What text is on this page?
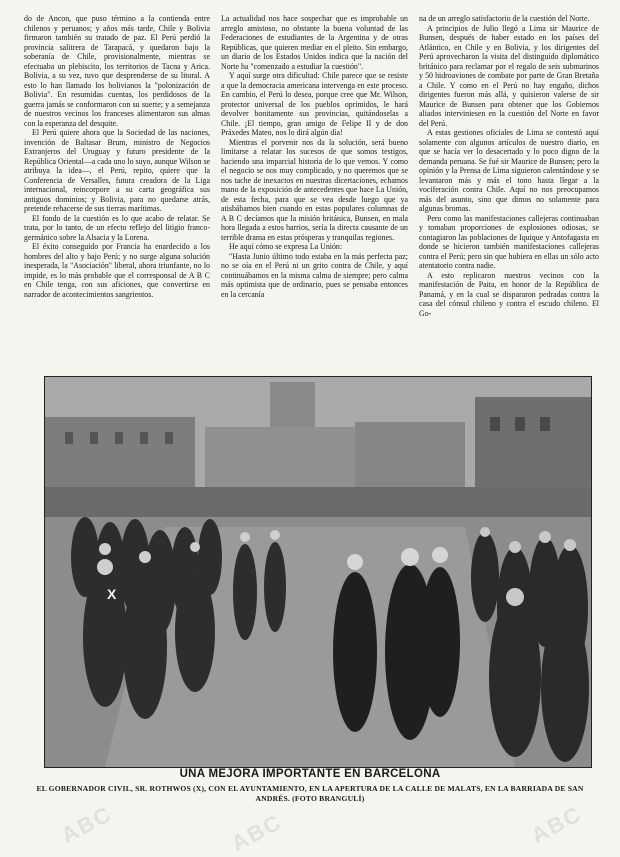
do de Ancon, que puso término a la contienda entre chilenos y peruanos; y años más tarde, Chile y Bolivia firmaron también su tratado de paz. El Perú perdió la provincia salitrera de Tarapacá, y quedaron bajo la soberanía de Chile, provisionalmente, mientras se efectuaba un plebiscito, los territorios de Tacna y Arica. Bolivia, a su vez, tuvo que desprenderse de su litoral. A esto lo han llamado los bolivianos la "polonización de Bolivia". En resumidas cuentas, los perdidosos de la guerra jamás se conformaron con su suerte; y a semejanza de nuestros vecinos los franceses alimentaron sus almas con la esperanza del desquite.

El Perú quiere ahora que la Sociedad de las naciones, invención de Baltasar Brum, ministro de Negocios Extranjeros del Uruguay y futuro presidente de la República Oriental—a cada uno lo suyo, aunque Wilson se atribuya la idea—, el Perú, repito, quiere que la Conferencia de Versalles, futura creadora de la Liga internacional, reincorpore a su carta geográfica sus antiguos dominios; y Bolivia, para no quedarse atrás, pretende rehacerse de sus tierras marítimas.

El fondo de la cuestión es lo que acabo de relatar. Se trata, por lo tanto, de un efecto reflejo del litigio franco-germánico sobre la Alsacia y la Lorena.

El éxito conseguido por Francia ha enardecido a los hombres del alto y bajo Perú; y no surge alguna solución inesperada, la "Asociación" liberal, ahora triunfante, no lo impide, es lo más probable que el corresponsal de A B C en Chile tenga, con sus aficiones, que convertirse en narrador de acontecimientos sangrientos.

La actualidad nos hace sospechar que es improbable un arreglo amistoso, no obstante la buena voluntad de las Federaciones de estudiantes de la Argentina y de otras Repúblicas, que quieren mediar en el pleito. Sin embargo, un diario de los Estados Unidos indica que la nación del Norte ha "comenzado a estudiar la cuestión".

Y aquí surge otra dificultad: Chile parece que se resiste a que la democracia americana intervenga en este proceso. En cambio, el Perú lo desea, porque cree que Mr. Wilson, protector universal de los pueblos oprimidos, le hará devolver bonitamente sus provincias, quitándoselas a Chile. ¡El tiempo, gran amigo de Felipe II y de don Práxedes Mateo, nos lo dirá algún día!

Mientras el porvenir nos da la solución, será bueno limitarse a relatar los sucesos de que somos testigos, haciendo una imparcial historia de lo que vemos. Y como el negocio se nos muy complicado, y no queremos que se nos tache de inexactos en nuestras dicertaciones, echamos mano de la exposición de antecedentes que hace La Unión, de esta fecha, para que se vea desde luego que ya atisbábamos bien cuando en estas populares columnas de A B C decíamos que la misión británica, Bunsen, en mala hora llegada a estos barrios, sería la directa causante de un terrible drama en estas prósperas y tranquilas regiones.

He aquí cómo se expresa La Unión:

"Hasta Junio último todo estaba en la más perfecta paz; no se oía en el Perú ni un grito contra de Chile, y aquí continuábamos en la misma calma de siempre; pero calma más optimista que de ordinario, pues se pensaba entonces en la cercanía

na de un arreglo satisfactorio de la cuestión del Norte.

A principios de Julio llegó a Lima sir Maurice de Bunsen, después de haber estado en los países del Atlántico, en Chile y en Bolivia, y los dirigentes del Perú aprovecharon la visita del distinguido diplomático británico para reclamar por el regalo de seis submarinos y 50 hidroaviones de combate por parte de Gran Bretaña a Chile. Y como en el Perú no hay engaño, dichos dirigentes fueron más allá, y quisieron valerse de sir Maurice de Bunsen para obtener que los Gobiernos aliados interviniesen en la cuestión del Norte en favor del Perú.

A estas gestiones oficiales de Lima se contestó aquí solamente con algunos artículos de nuestro diario, en que se hacía ver lo desacertado y lo poco digno de la demanda peruana. Se fué sir Maurice de Bunsen; pero la opinión y la Prensa de Lima siguieron calentándose y se levantaron más y más el tono hasta llegar a la vociferación contra Chile. Aquí no nos preocupamos más del asunto, sino que dimos no solamente para algunas bromas.

Pero como las manifestaciones callejeras continuaban y tomaban proporciones de explosiones odiosas, se contagiaron las poblaciones de Iquique y Antofagasta en donde se hicieron también manifestaciones callejeras contra el Perú; pero sin que hubiera en ellas un sólo acto atentatorio contra nadie.

A esto replicaron nuestros vecinos con la manifestación de Paita, en honor de la República de Panamá, y en la cual se dispararon pedradas contra la casa del cónsul chileno y contra el escudo chileno. El Go-

X
UNA MEJORA IMPORTANTE EN BARCELONA
EL GOBERNADOR CIVIL, SR. ROTHWOS (X), CON EL AYUNTAMIENTO, EN LA APERTURA DE LA CALLE DE MALATS, EN LA BARRIADA DE SAN ANDRÉS. (FOTO BRANGULÍ)
ABC	ABC	ABC
